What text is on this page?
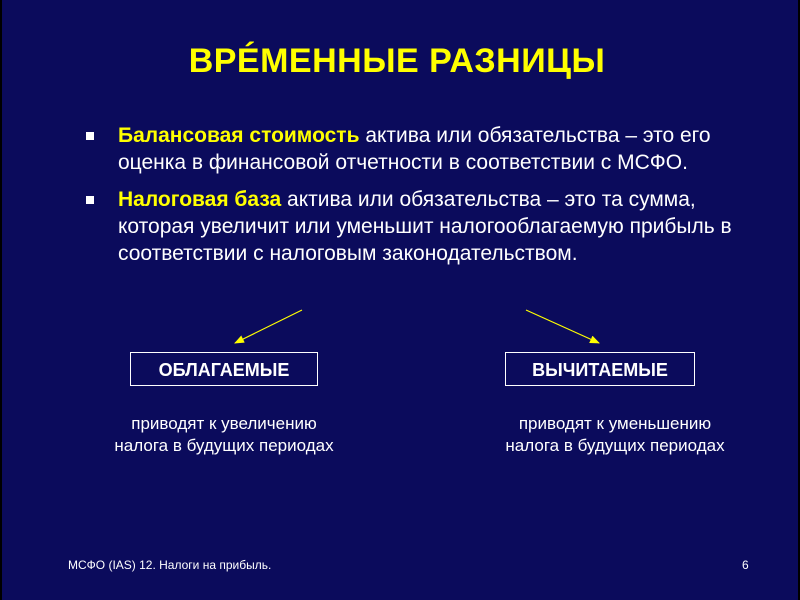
ВРÉМЕННЫЕ РАЗНИЦЫ
Балансовая стоимость актива или обязательства – это его оценка в финансовой отчетности в соответствии с МСФО.
Налоговая база актива или обязательства – это та сумма, которая увеличит или уменьшит налогооблагаемую прибыль в соответствии с налоговым законодательством.
ОБЛАГАЕМЫЕ	ВЫЧИТАЕМЫЕ
приводят к увеличению налога в будущих периодах
приводят к уменьшению налога в будущих периодах
МСФО (IAS) 12. Налоги на прибыль.	6
